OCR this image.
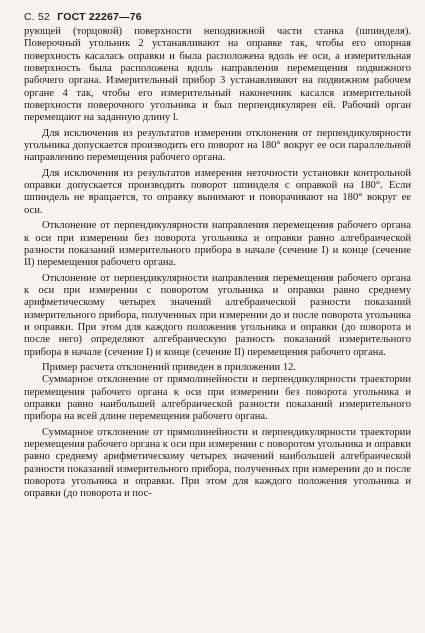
С. 52 ГОСТ 22267—76

рующей (торцовой) поверхности неподвижной части станка (шпинделя). Поверочный угольник 2 устанавливают на оправке так, чтобы его опорная поверхность касалась оправки и была расположена вдоль ее оси, а измерительная поверхность была расположена вдоль направления перемещения подвижного рабочего органа. Измерительный прибор 3 устанавливают на подвижном рабочем органе 4 так, чтобы его измерительный наконечник касался измерительной поверхности поверочного угольника и был перпендикулярен ей. Рабочий орган перемещают на заданную длину l.

Для исключения из результатов измерения отклонения от перпендикулярности угольника допускается производить его поворот на 180° вокруг ее оси параллельной направлению перемещения рабочего органа.

Для исключения из результатов измерения неточности установки контрольной оправки допускается производить поворот шпинделя с оправкой на 180°. Если шпиндель не вращается, то оправку вынимают и поворачивают на 180° вокруг ее оси.

Отклонение от перпендикулярности направления перемещения рабочего органа к оси при измерении без поворота угольника и оправки равно алгебраической разности показаний измерительного прибора в начале (сечение I) и конце (сечение II) перемещения рабочего органа.

Отклонение от перпендикулярности направления перемещения рабочего органа к оси при измерении с поворотом угольника и оправки равно среднему арифметическому четырех значений алгебраической разности показаний измерительного прибора, полученных при измерении до и после поворота угольника и оправки. При этом для каждого положения угольника и оправки (до поворота и после него) определяют алгебраическую разность показаний измерительного прибора в начале (сечение I) и конце (сечение II) перемещения рабочего органа.

Пример расчета отклонений приведен в приложении 12.

Суммарное отклонение от прямолинейности и перпендикулярности траектории перемещения рабочего органа к оси при измерении без поворота угольника и оправки равно наибольшей алгебраической разности показаний измерительного прибора на всей длине перемещения рабочего органа.

Суммарное отклонение от прямолинейности и перпендикулярности траектории перемещения рабочего органа к оси при измерении с поворотом угольника и оправки равно среднему арифметическому четырех значений наибольшей алгебраической разности показаний измерительного прибора, полученных при измерении до и после поворота угольника и оправки. При этом для каждого положения угольника и оправки (до поворота и пос-
